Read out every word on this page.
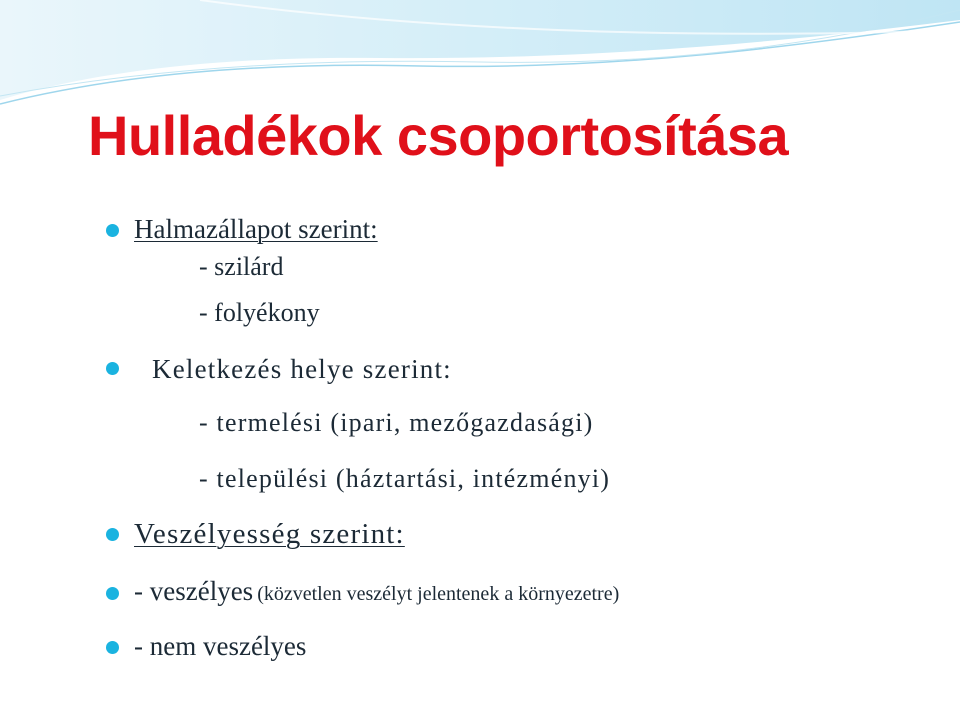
Hulladékok csoportosítása
Halmazállapot szerint:
- szilárd
- folyékony
Keletkezés helye szerint:
- termelési (ipari, mezőgazdasági)
- települési (háztartási, intézményi)
Veszélyesség szerint:
- veszélyes (közvetlen veszélyt jelentenek a környezetre)
- nem veszélyes
